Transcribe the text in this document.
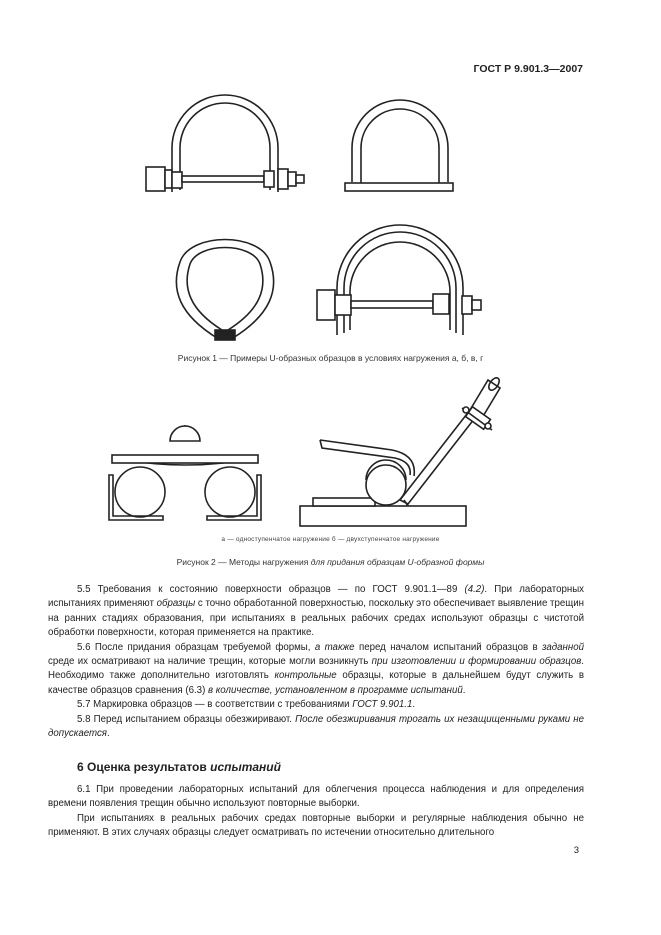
ГОСТ Р 9.901.3—2007
Рисунок 1 — Примеры U-образных образцов в условиях нагружения а, б, в, г
а — одноступенчатое нагружение б — двухступенчатое нагружение
Рисунок 2 — Методы нагружения для придания образцам U-образной формы

5.5 Требования к состоянию поверхности образцов — по ГОСТ 9.901.1—89 (4.2). При лабораторных испытаниях применяют образцы с точно обработанной поверхностью, поскольку это обеспечивает выявление трещин на ранних стадиях образования, при испытаниях в реальных рабочих средах используют образцы с чистотой обработки поверхности, которая применяется на практике.

5.6 После придания образцам требуемой формы, а также перед началом испытаний образцов в заданной среде их осматривают на наличие трещин, которые могли возникнуть при изготовлении и формировании образцов. Необходимо также дополнительно изготовлять контрольные образцы, которые в дальнейшем будут служить в качестве образцов сравнения (6.3) в количестве, установленном в программе испытаний.

5.7 Маркировка образцов — в соответствии с требованиями ГОСТ 9.901.1.

5.8 Перед испытанием образцы обезжиривают. После обезжиривания трогать их незащищенными руками не допускается.

6 Оценка результатов испытаний

6.1 При проведении лабораторных испытаний для облегчения процесса наблюдения и для определения времени появления трещин обычно используют повторные выборки.

При испытаниях в реальных рабочих средах повторные выборки и регулярные наблюдения обычно не применяют. В этих случаях образцы следует осматривать по истечении относительно длительного

3
